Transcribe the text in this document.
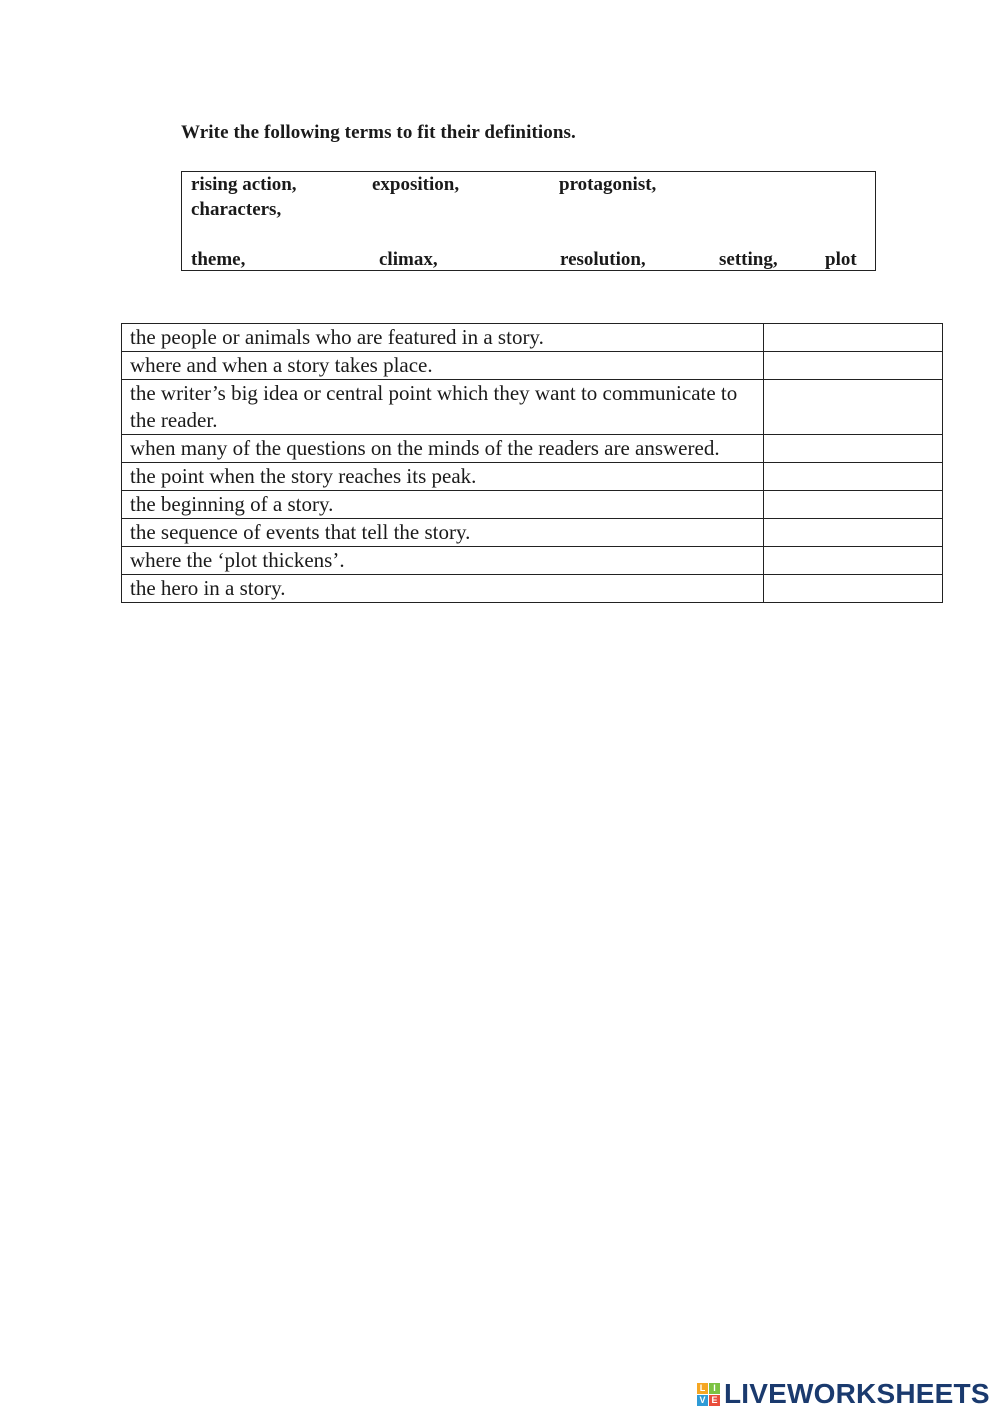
Write the following terms to fit their definitions.
rising action,	exposition,	protagonist,
characters,
theme,	climax,	resolution,	setting, plot
the people or animals who are featured in a story.	
where and when a story takes place.	
the writer’s big idea or central point which they want to communicate to the reader.	
when many of the questions on the minds of the readers are answered.	
the point when the story reaches its peak.	
the beginning of a story.	
the sequence of events that tell the story.	
where the ‘plot thickens’.	
the hero in a story.	
L I
V E LIVEWORKSHEETS
